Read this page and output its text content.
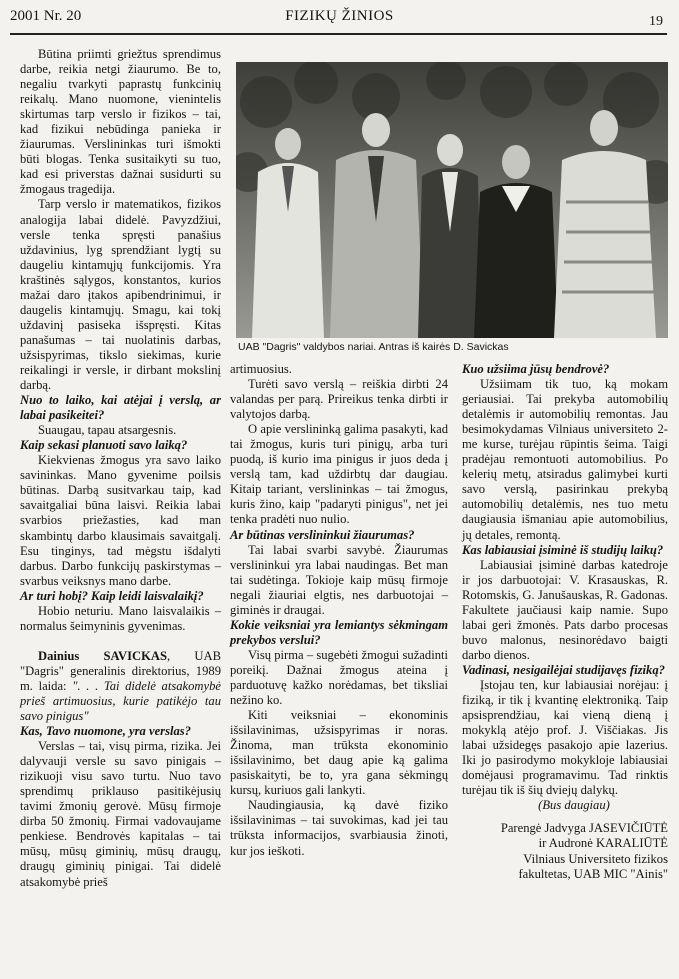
2001 Nr. 20	FIZIKŲ ŽINIOS	19
UAB "Dagris" valdybos nariai. Antras iš kairės D. Savickas

Būtina priimti griežtus sprendimus darbe, reikia netgi žiaurumo. Be to, negaliu tvarkyti paprastų funkcinių reikalų. Mano nuomone, vienintelis skirtumas tarp verslo ir fizikos – tai, kad fizikui nebūdinga panieka ir žiaurumas. Verslininkas turi išmokti būti blogas. Tenka susitaikyti su tuo, kad esi priverstas dažnai susidurti su žmogaus tragedija.

Tarp verslo ir matematikos, fizikos analogija labai didelė. Pavyzdžiui, versle tenka spręsti panašius uždavinius, lyg sprendžiant lygtį su daugeliu kintamųjų funkcijomis. Yra kraštinės sąlygos, konstantos, kurios mažai daro įtakos apibendrinimui, ir daugelis kintamųjų. Smagu, kai tokį uždavinį pasiseka išspręsti. Kitas panašumas – tai nuolatinis darbas, užsispyrimas, tikslo siekimas, kurie reikalingi ir versle, ir dirbant mokslinį darbą.

Nuo to laiko, kai atėjai į verslą, ar labai pasikeitei?

Suaugau, tapau atsargesnis.

Kaip sekasi planuoti savo laiką?

Kiekvienas žmogus yra savo laiko savininkas. Mano gyvenime poilsis būtinas. Darbą susitvarkau taip, kad savaitgaliai būna laisvi. Reikia labai svarbios priežasties, kad man skambintų darbo klausimais savaitgalį. Esu tinginys, tad mėgstu išdalyti darbus. Darbo funkcijų paskirstymas – svarbus veiksnys mano darbe.

Ar turi hobį? Kaip leidi laisvalaikį?

Hobio neturiu. Mano laisvalaikis – normalus šeimyninis gyvenimas.

Dainius SAVICKAS, UAB "Dagris" generalinis direktorius, 1989 m. laida: ". . . Tai didelė atsakomybė prieš artimuosius, kurie patikėjo tau savo pinigus"

Kas, Tavo nuomone, yra verslas?

Verslas – tai, visų pirma, rizika. Jei dalyvauji versle su savo pinigais – rizikuoji visu savo turtu. Nuo tavo sprendimų priklauso pasitikėjusių tavimi žmonių gerovė. Mūsų firmoje dirba 50 žmonių. Firmai vadovaujame penkiese. Bendrovės kapitalas – tai mūsų, mūsų giminių, mūsų draugų, draugų giminių pinigai. Tai didelė atsakomybė prieš

artimuosius.

Turėti savo verslą – reiškia dirbti 24 valandas per parą. Prireikus tenka dirbti ir valytojos darbą.

O apie verslininką galima pasakyti, kad tai žmogus, kuris turi pinigų, arba turi puodą, iš kurio ima pinigus ir juos deda į verslą tam, kad uždirbtų dar daugiau. Kitaip tariant, verslininkas – tai žmogus, kuris žino, kaip "padaryti pinigus", net jei tenka pradėti nuo nulio.

Ar būtinas verslininkui žiaurumas?

Tai labai svarbi savybė. Žiaurumas verslininkui yra labai naudingas. Bet man tai sudėtinga. Tokioje kaip mūsų firmoje negali žiauriai elgtis, nes darbuotojai – giminės ir draugai.

Kokie veiksniai yra lemiantys sėkmingam prekybos verslui?

Visų pirma – sugebėti žmogui sužadinti poreikį. Dažnai žmogus ateina į parduotuvę kažko norėdamas, bet tiksliai nežino ko.

Kiti veiksniai – ekonominis išsilavinimas, užsispyrimas ir noras. Žinoma, man trūksta ekonominio išsilavinimo, bet daug apie ką galima pasiskaityti, be to, yra gana sėkmingų kursų, kuriuos gali lankyti.

Naudingiausia, ką davė fiziko išsilavinimas – tai suvokimas, kad jei tau trūksta informacijos, svarbiausia žinoti, kur jos ieškoti.

Kuo užsiima jūsų bendrovė?

Užsiimam tik tuo, ką mokam geriausiai. Tai prekyba automobilių detalėmis ir automobilių remontas. Jau besimokydamas Vilniaus universiteto 2-me kurse, turėjau rūpintis šeima. Taigi pradėjau remontuoti automobilius. Po kelerių metų, atsiradus galimybei kurti savo verslą, pasirinkau prekybą automobilių detalėmis, nes tuo metu daugiausia išmaniau apie automobilius, jų detales, remontą.

Kas labiausiai įsiminė iš studijų laikų?

Labiausiai įsiminė darbas katedroje ir jos darbuotojai: V. Krasauskas, R. Rotomskis, G. Janušauskas, R. Gadonas. Fakultete jaučiausi kaip namie. Supo labai geri žmonės. Pats darbo procesas buvo malonus, nesinorėdavo baigti darbo dienos.

Vadinasi, nesigailėjai studijavęs fiziką?

Įstojau ten, kur labiausiai norėjau: į fiziką, ir tik į kvantinę elektroniką. Taip apsisprendžiau, kai vieną dieną į mokyklą atėjo prof. J. Viščiakas. Jis labai užsidegęs pasakojo apie lazerius. Iki jo pasirodymo mokykloje labiausiai domėjausi programavimu. Tad rinktis turėjau tik iš šių dviejų dalykų.

(Bus daugiau)

Parengė Jadvyga JASEVIČIŪTĖ

ir Audronė KARALIŪTĖ

Vilniaus Universiteto fizikos

fakultetas, UAB MIC "Ainis"
